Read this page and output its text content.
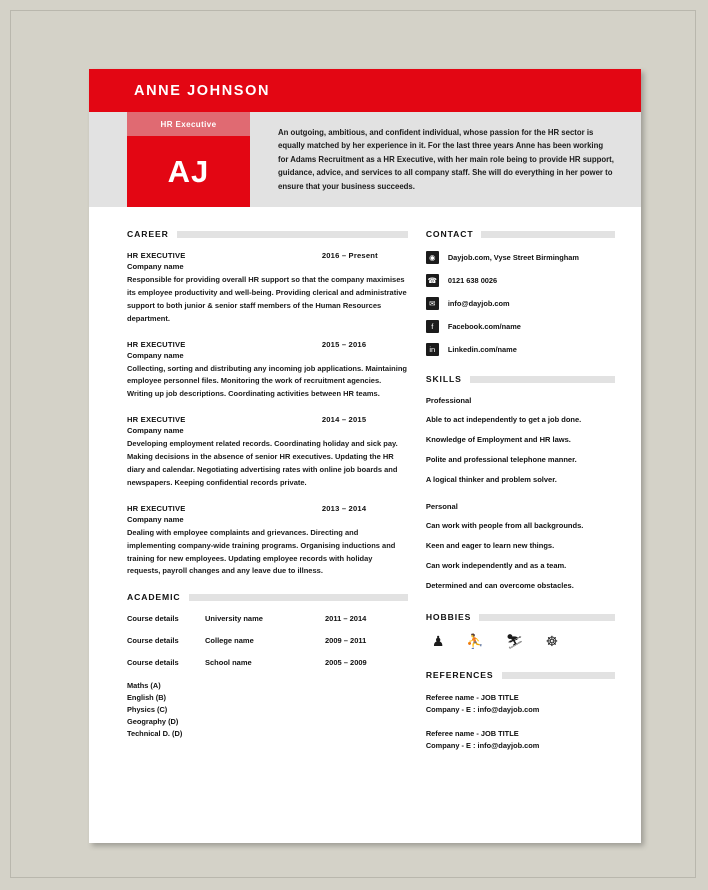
ANNE JOHNSON
HR Executive
AJ
An outgoing, ambitious, and confident individual, whose passion for the HR sector is equally matched by her experience in it. For the last three years Anne has been working for Adams Recruitment as a HR Executive, with her main role being to provide HR support, guidance, advice, and services to all company staff. She will do everything in her power to ensure that your business succeeds.
CAREER
HR EXECUTIVE	2016 – Present
Company name
Responsible for providing overall HR support so that the company maximises its employee productivity and well-being. Providing clerical and administrative support to both junior & senior staff members of the Human Resources department.
HR EXECUTIVE	2015 – 2016
Company name
Collecting, sorting and distributing any incoming job applications. Maintaining employee personnel files. Monitoring the work of recruitment agencies. Writing up job descriptions. Coordinating activities between HR teams.
HR EXECUTIVE	2014 – 2015
Company name
Developing employment related records. Coordinating holiday and sick pay. Making decisions in the absence of senior HR executives. Updating the HR diary and calendar. Negotiating advertising rates with online job boards and newspapers. Keeping confidential records private.
HR EXECUTIVE	2013 – 2014
Company name
Dealing with employee complaints and grievances. Directing and implementing company-wide training programs. Organising inductions and training for new employees. Updating employee records with holiday requests, payroll changes and any leave due to illness.
ACADEMIC
Course details	University name	2011 – 2014
Course details	College name	2009 – 2011
Course details	School name	2005 – 2009
Maths (A)
English (B)
Physics (C)
Geography (D)
Technical D. (D)
CONTACT
◉	Dayjob.com, Vyse Street Birmingham
☎ 0121 638 0026
✉	info@dayjob.com
f	Facebook.com/name
in	Linkedin.com/name
SKILLS
Professional
Able to act independently to get a job done.
Knowledge of Employment and HR laws.
Polite and professional telephone manner.
A logical thinker and problem solver.
Personal
Can work with people from all backgrounds.
Keen and eager to learn new things.
Can work independently and as a team.
Determined and can overcome obstacles.
HOBBIES
♟ ⛹ ⛷ ☸
REFERENCES
Referee name - JOB TITLE
Company - E : info@dayjob.com
Referee name - JOB TITLE
Company - E : info@dayjob.com
